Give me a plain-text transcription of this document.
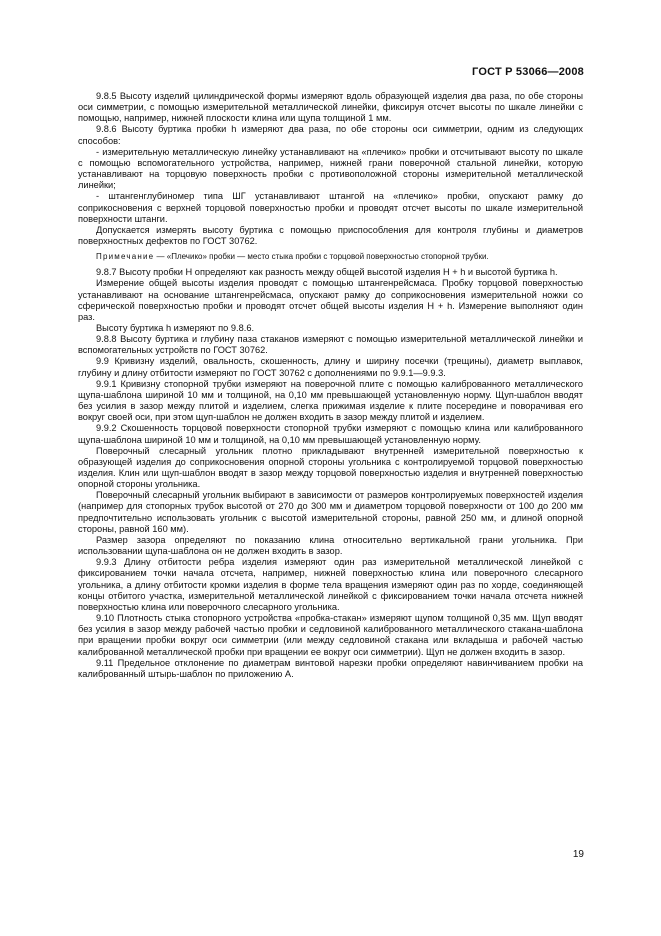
ГОСТ Р 53066—2008

9.8.5 Высоту изделий цилиндрической формы измеряют вдоль образующей изделия два раза, по обе стороны оси симметрии, с помощью измерительной металлической линейки, фиксируя отсчет высоты по шкале линейки с помощью, например, нижней плоскости клина или щупа толщиной 1 мм.

9.8.6 Высоту буртика пробки h измеряют два раза, по обе стороны оси симметрии, одним из следующих способов:

- измерительную металлическую линейку устанавливают на «плечико» пробки и отсчитывают высоту по шкале с помощью вспомогательного устройства, например, нижней грани поверочной стальной линейки, которую устанавливают на торцовую поверхность пробки с противоположной стороны измерительной металлической линейки;

- штангенглубиномер типа ШГ устанавливают штангой на «плечико» пробки, опускают рамку до соприкосновения с верхней торцовой поверхностью пробки и проводят отсчет высоты по шкале измерительной поверхности штанги.

Допускается измерять высоту буртика с помощью приспособления для контроля глубины и диаметров поверхностных дефектов по ГОСТ 30762.

Примечание — «Плечико» пробки — место стыка пробки с торцовой поверхностью стопорной трубки.

9.8.7 Высоту пробки H определяют как разность между общей высотой изделия H + h и высотой буртика h.

Измерение общей высоты изделия проводят с помощью штангенрейсмаса. Пробку торцовой поверхностью устанавливают на основание штангенрейсмаса, опускают рамку до соприкосновения измерительной ножки со сферической поверхностью пробки и проводят отсчет общей высоты изделия H + h. Измерение выполняют один раз.

Высоту буртика h измеряют по 9.8.6.

9.8.8 Высоту буртика и глубину паза стаканов измеряют с помощью измерительной металлической линейки и вспомогательных устройств по ГОСТ 30762.

9.9 Кривизну изделий, овальность, скошенность, длину и ширину посечки (трещины), диаметр выплавок, глубину и длину отбитости измеряют по ГОСТ 30762 с дополнениями по 9.9.1—9.9.3.

9.9.1 Кривизну стопорной трубки измеряют на поверочной плите с помощью калиброванного металлического щупа-шаблона шириной 10 мм и толщиной, на 0,10 мм превышающей установленную норму. Щуп-шаблон вводят без усилия в зазор между плитой и изделием, слегка прижимая изделие к плите посередине и поворачивая его вокруг своей оси, при этом щуп-шаблон не должен входить в зазор между плитой и изделием.

9.9.2 Скошенность торцовой поверхности стопорной трубки измеряют с помощью клина или калиброванного щупа-шаблона шириной 10 мм и толщиной, на 0,10 мм превышающей установленную норму.

Поверочный слесарный угольник плотно прикладывают внутренней измерительной поверхностью к образующей изделия до соприкосновения опорной стороны угольника с контролируемой торцовой поверхностью изделия. Клин или щуп-шаблон вводят в зазор между торцовой поверхностью изделия и внутренней поверхностью опорной стороны угольника.

Поверочный слесарный угольник выбирают в зависимости от размеров контролируемых поверхностей изделия (например для стопорных трубок высотой от 270 до 300 мм и диаметром торцовой поверхности от 100 до 200 мм предпочтительно использовать угольник с высотой измерительной стороны, равной 250 мм, и длиной опорной стороны, равной 160 мм).

Размер зазора определяют по показанию клина относительно вертикальной грани угольника. При использовании щупа-шаблона он не должен входить в зазор.

9.9.3 Длину отбитости ребра изделия измеряют один раз измерительной металлической линейкой с фиксированием точки начала отсчета, например, нижней поверхностью клина или поверочного слесарного угольника, а длину отбитости кромки изделия в форме тела вращения измеряют один раз по хорде, соединяющей концы отбитого участка, измерительной металлической линейкой с фиксированием точки начала отсчета нижней поверхностью клина или поверочного слесарного угольника.

9.10 Плотность стыка стопорного устройства «пробка-стакан» измеряют щупом толщиной 0,35 мм. Щуп вводят без усилия в зазор между рабочей частью пробки и седловиной калиброванного металлического стакана-шаблона при вращении пробки вокруг оси симметрии (или между седловиной стакана или вкладыша и рабочей частью калиброванной металлической пробки при вращении ее вокруг оси симметрии). Щуп не должен входить в зазор.

9.11 Предельное отклонение по диаметрам винтовой нарезки пробки определяют навинчиванием пробки на калиброванный штырь-шаблон по приложению А.

19
